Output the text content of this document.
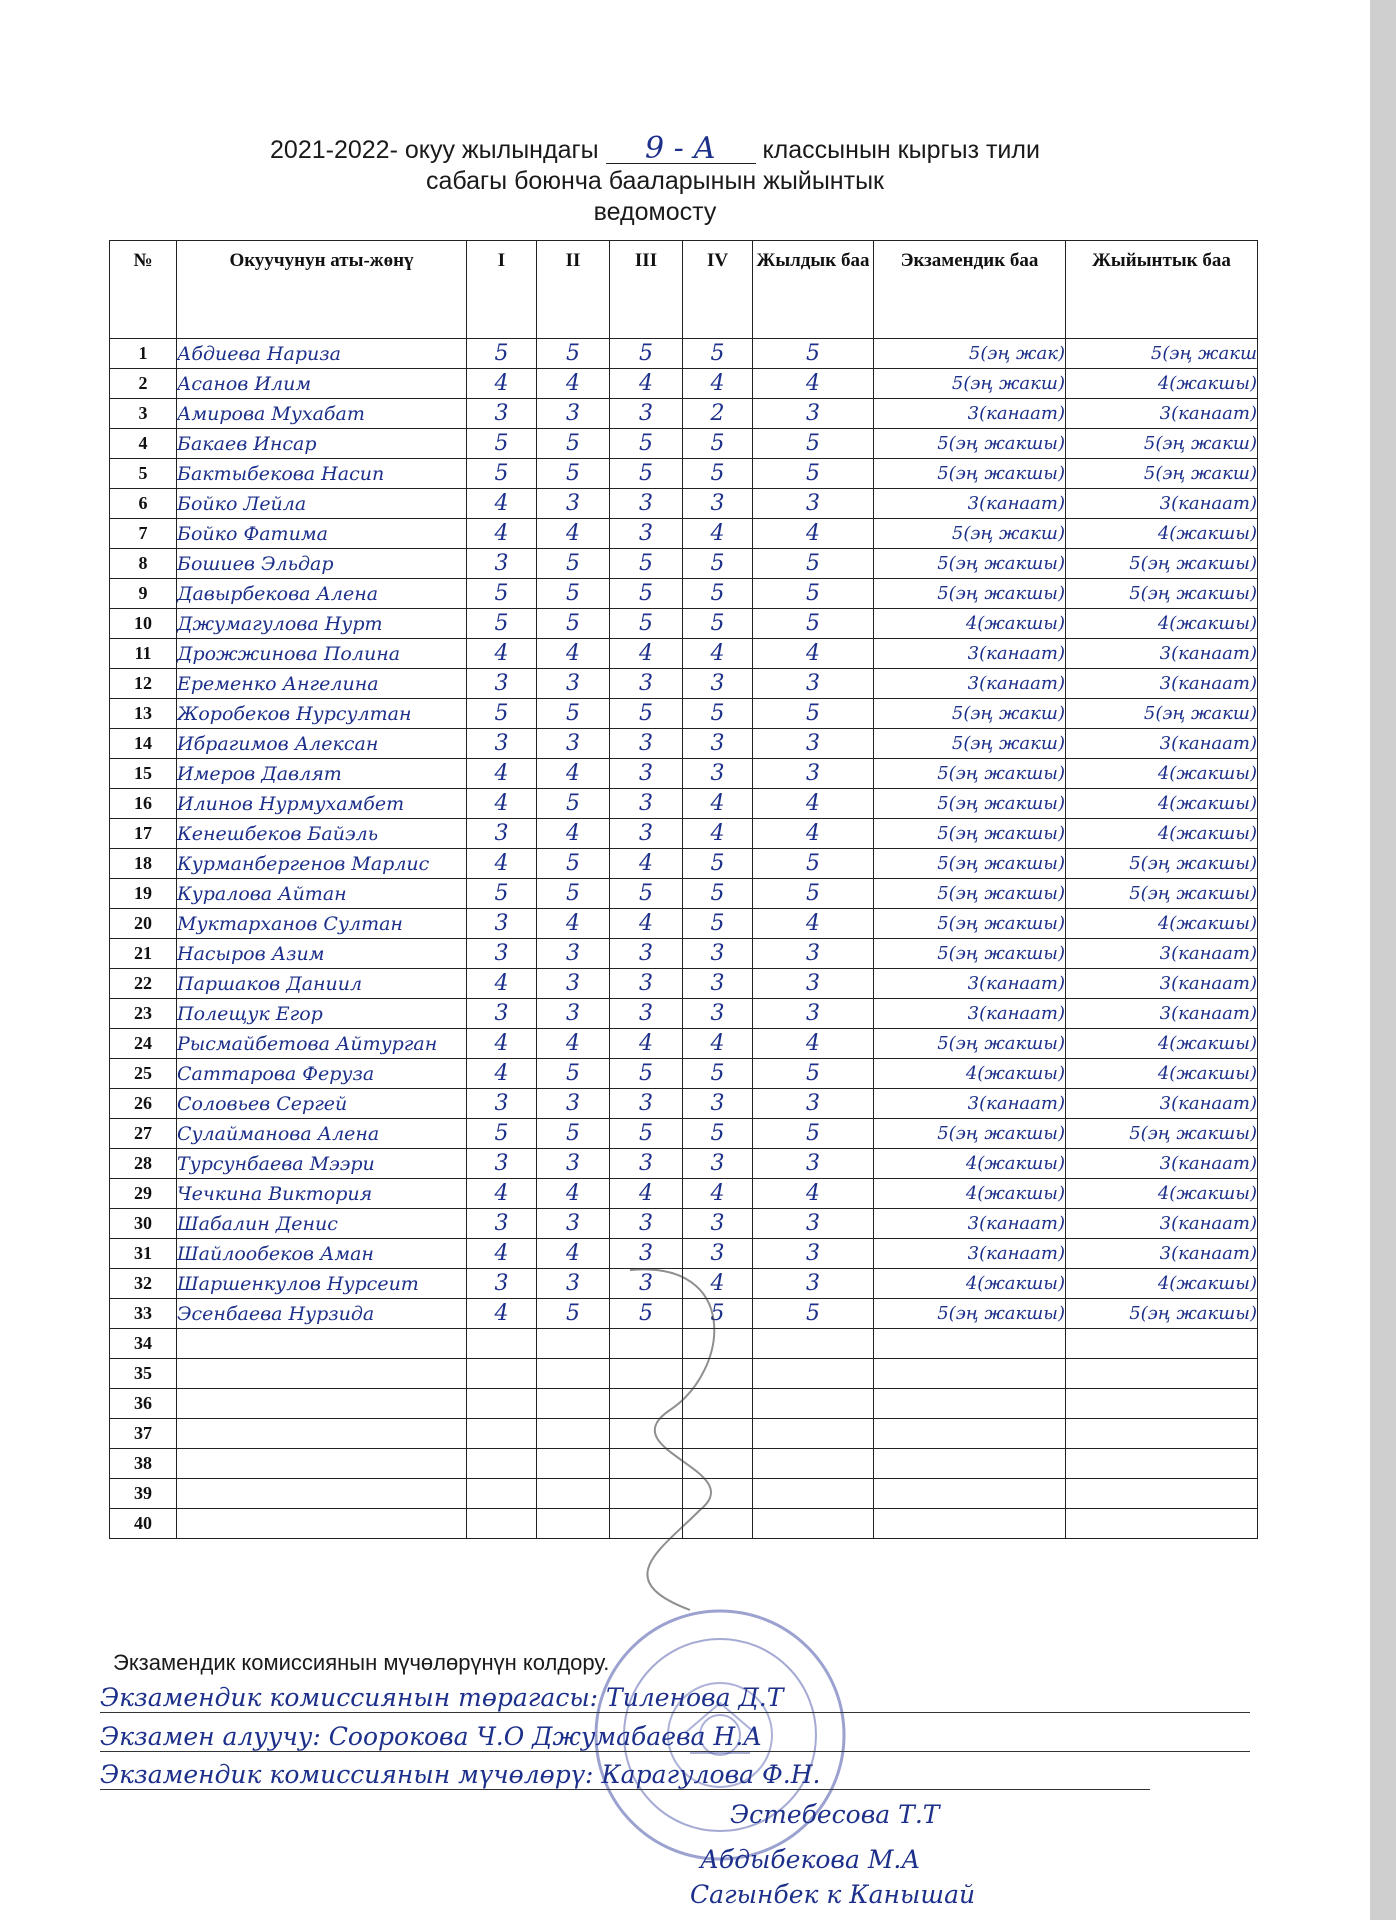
2021-2022- окуу жылындагы 9 - А классынын кыргыз тили
сабагы боюнча бааларынын жыйынтык
ведомосту
№	Окуучунун аты-жөнү	I	II	III	IV	Жылдык баа	Экзамендик баа	Жыйынтык баа
1	Абдиева Нариза	5	5	5	5	5	5(эң жак)	5(эң жакш
2	Асанов Илим	4	4	4	4	4	5(эң жакш)	4(жакшы)
3	Амирова Мухабат	3	3	3	2	3	3(канаат)	3(канаат)
4	Бакаев Инсар	5	5	5	5	5	5(эң жакшы)	5(эң жакш)
5	Бактыбекова Насип	5	5	5	5	5	5(эң жакшы)	5(эң жакш)
6	Бойко Лейла	4	3	3	3	3	3(канаат)	3(канаат)
7	Бойко Фатима	4	4	3	4	4	5(эң жакш)	4(жакшы)
8	Бошиев Эльдар	3	5	5	5	5	5(эң жакшы)	5(эң жакшы)
9	Давырбекова Алена	5	5	5	5	5	5(эң жакшы)	5(эң жакшы)
10	Джумагулова Нурт	5	5	5	5	5	4(жакшы)	4(жакшы)
11	Дрожжинова Полина	4	4	4	4	4	3(канаат)	3(канаат)
12	Еременко Ангелина	3	3	3	3	3	3(канаат)	3(канаат)
13	Жоробеков Нурсултан	5	5	5	5	5	5(эң жакш)	5(эң жакш)
14	Ибрагимов Алексан	3	3	3	3	3	5(эң жакш)	3(канаат)
15	Имеров Давлят	4	4	3	3	3	5(эң жакшы)	4(жакшы)
16	Илинов Нурмухамбет	4	5	3	4	4	5(эң жакшы)	4(жакшы)
17	Кенешбеков Байэль	3	4	3	4	4	5(эң жакшы)	4(жакшы)
18	Курманбергенов Марлис	4	5	4	5	5	5(эң жакшы)	5(эң жакшы)
19	Куралова Айтан	5	5	5	5	5	5(эң жакшы)	5(эң жакшы)
20	Муктарханов Султан	3	4	4	5	4	5(эң жакшы)	4(жакшы)
21	Насыров Азим	3	3	3	3	3	5(эң жакшы)	3(канаат)
22	Паршаков Даниил	4	3	3	3	3	3(канаат)	3(канаат)
23	Полещук Егор	3	3	3	3	3	3(канаат)	3(канаат)
24	Рысмайбетова Айтурган	4	4	4	4	4	5(эң жакшы)	4(жакшы)
25	Саттарова Феруза	4	5	5	5	5	4(жакшы)	4(жакшы)
26	Соловьев Сергей	3	3	3	3	3	3(канаат)	3(канаат)
27	Сулайманова Алена	5	5	5	5	5	5(эң жакшы)	5(эң жакшы)
28	Турсунбаева Мээри	3	3	3	3	3	4(жакшы)	3(канаат)
29	Чечкина Виктория	4	4	4	4	4	4(жакшы)	4(жакшы)
30	Шабалин Денис	3	3	3	3	3	3(канаат)	3(канаат)
31	Шайлообеков Аман	4	4	3	3	3	3(канаат)	3(канаат)
32	Шаршенкулов Нурсеит	3	3	3	4	3	4(жакшы)	4(жакшы)
33	Эсенбаева Нурзида	4	5	5	5	5	5(эң жакшы)	5(эң жакшы)
34								
35								
36								
37								
38								
39								
40								
Экзамендик комиссиянын мүчөлөрүнүн колдору.
Экзамендик комиссиянын төрагасы: Тиленова Д.Т
Экзамен алуучу: Соорокова Ч.О Джумабаева Н.А
Экзамендик комиссиянын мүчөлөрү: Карагулова Ф.Н.
Эстебесова Т.Т
Абдыбекова М.А
Сагынбек к Канышай
